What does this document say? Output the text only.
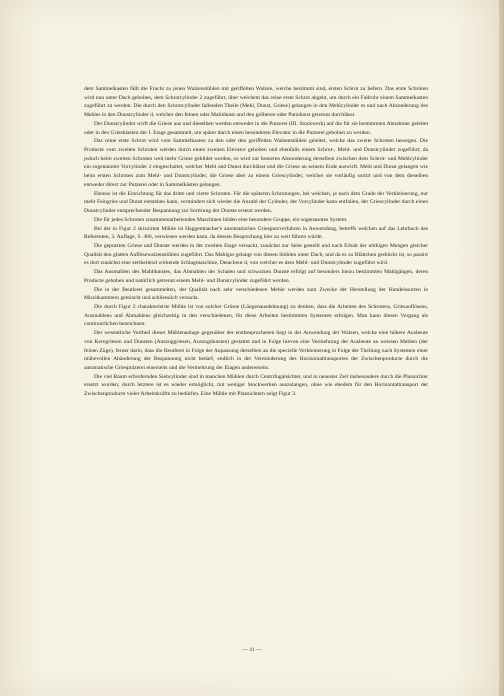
dem Sammelkasten fällt die Frucht zu jenen Walzenstühlen mit geriffelten Walzen, welche bestimmt sind, ersten Schrot zu liefern. Das erste Schroten wird nun unter Dach gehoben, dem Schrotcylinder 2 zugeführt, über welchem das reine erste Schrot abgeht, um durch ein Fallrohr einem Sammelkasten zugeführt zu werden. Die durch den Schrotcylinder fallenden Theile (Mehl, Dunst, Griese) gelangen in den Mehlcylinder m und nach Absonderung des Mehles in den Dunstcylinder d, welcher den feinen oder Mahldunst und den gröberen oder Putzdunst getrennt durchlässt.

Der Dunstcylinder wirft die Griese aus und dieselben werden entweder in die Putzerei (III. Stockwerk) auf die für sie bestimmten Abnahmer geleitet oder in den Griesblasten der I. Etage gesammelt, um später durch einen besonderen Elevator in die Putzerei gehoben zu werden.

Das reine erste Schrot wird vom Sammelkasten zu den oder den geriffelten Walzenstühlen geleitet, welche das zweite Schroten besorgen. Die Producte vom zweiten Schroten werden durch einen zweiten Elevator gehoben und ebenfalls einem Schrot-, Mehl- und Dunstcylinder zugeführt; da jedoch beim zweiten Schroten weit mehr Griese gebildet werden, so wird zur besseren Absonderung derselben zwischen dem Schrot- und Mehlcylinder ein sogenannter Vorcylinder 2 eingeschaltet, welcher Mehl und Dunst durchlässt und die Griese an seinem Ende auswirft. Mehl und Dunst gelangen wie beim ersten Schroten zum Mehl- und Dunstcylinder, die Griese aber zu einem Griescylinder, welcher sie vorläufig sortirt und von dem dieselben entweder direct zur Putzerei oder in Sammelkästen gelangen.

Ebenso ist die Einrichtung für das dritte und vierte Schroten. Für die späteren Schrotungen, bei welchen, je nach dem Grade der Verkleinerung, nur mehr Feingries und Dunst entstehen kann, vermindert sich wieder die Anzahl der Cylinder, der Vorcylinder kann entfallen, der Griescylinder durch einen Dunstcylinder entsprechender Bespannung zur Sortirung der Dunste ersetzt werden.

Die für jedes Schroten zusammenarbeitenden Maschinen bilden eine besondere Gruppe, ein sogenanntes System.

Bei der in Figur 2 skizzirten Mühle ist Haggenmacher's automatisches Griesputzverfahren in Anwendung, betreffs welchen auf das Lehrbuch des Referenten, 3. Auflage, S. 468, verwiesen werden kann, da dessen Besprechung hier zu weit führen würde.

Die geputzten Griese und Dunste werden in der zweiten Etage versackt, zunächst zur Seite gestellt und nach Erhalt der nöthigen Mengen gleicher Qualität den glatten Auflösewalzenstühlen zugeführt. Das Mahlgut gelangt von diesen Stühlen unter Dach, und da es zu Blättchen gedrückt ist, so passirt es dort zunächst eine zertheilend wirkende Schlagmaschine, Detacheur d, von welcher es dem Mehl- und Dunstcylinder zugeführt wird.

Das Ausmahlen des Mahldunstes, das Abmahlen der Schalen und schwarzen Dunste erfolgt auf besonders hiezu bestimmten Mahlgängen, deren Producte gehoben und natürlich getrennt einem Mehl- und Dunstcylinder zugeführt werden.

Die in der Beutlerei gesammelten, der Qualität nach sehr verschiedenen Mehle werden zum Zwecke der Herstellung der Handelssorten in Mischkammern gemischt und schliesslich versackt.

Die durch Figur 2 charakterisirte Mühle ist von solcher Grösse (Längenausdehnung) zu denken, dass die Arbeiten des Schrotens, Griesauflösens, Ausmahlens und Abmahlens gleichzeitig in den verschiedenen, für diese Arbeiten bestimmten Systemen erfolgen. Man kann diesen Vorgang als continuirlichen bezeichnen.

Der wesentliche Vortheil dieser Mühlenanlage gegenüber der erstbesprochenen liegt in der Anwendung der Walzen, welche eine höhere Ausbeute von Kerngriesen und Dunsten (Auszuggriesen, Auszugdunsten) gestattet und in Folge hievon eine Vermehrung der Ausbeute an weissen Mehlen (der feinen Züge), ferner darin, dass die Beutlerei in Folge der Anpassung derselben an die specielle Verkleinerung in Folge der Theilung nach Systemen einer mühevollen Abänderung der Bespannung nicht bedarf, endlich in der Verminderung des Horizontaltransportes der Zwischenproducte durch die automatische Griesputzerei einerseits und die Vermehrung der Etagen andererseits.

Die viel Raum erfordernden Siebcylinder sind in manchen Mühlen durch Centrifugalsichter, und in neuester Zeit insbesondere durch die Plansichter ersetzt worden; durch letztere ist es wieder ermöglicht, mit weniger Stockwerken auszulangen, ohne wie ehedem für den Horizontaltransport der Zwischenproducte vieler Arbeitskräfte zu bedürfen. Eine Mühle mit Plansichtern zeigt Figur 3.

— 41 —
